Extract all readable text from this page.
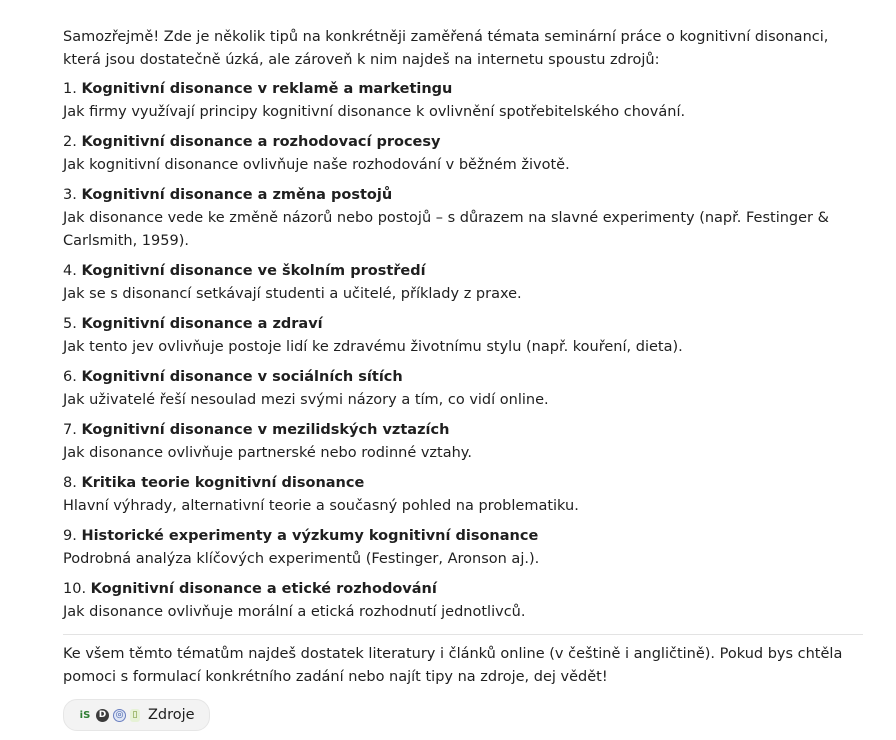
Samozřejmě! Zde je několik tipů na konkrétněji zaměřená témata seminární práce o kognitivní disonanci, která jsou dostatečně úzká, ale zároveň k nim najdeš na internetu spoustu zdrojů:

1. Kognitivní disonance v reklamě a marketingu
Jak firmy využívají principy kognitivní disonance k ovlivnění spotřebitelského chování.
2. Kognitivní disonance a rozhodovací procesy
Jak kognitivní disonance ovlivňuje naše rozhodování v běžném životě.
3. Kognitivní disonance a změna postojů
Jak disonance vede ke změně názorů nebo postojů – s důrazem na slavné experimenty (např. Festinger & Carlsmith, 1959).
4. Kognitivní disonance ve školním prostředí
Jak se s disonancí setkávají studenti a učitelé, příklady z praxe.
5. Kognitivní disonance a zdraví
Jak tento jev ovlivňuje postoje lidí ke zdravému životnímu stylu (např. kouření, dieta).
6. Kognitivní disonance v sociálních sítích
Jak uživatelé řeší nesoulad mezi svými názory a tím, co vidí online.
7. Kognitivní disonance v mezilidských vztazích
Jak disonance ovlivňuje partnerské nebo rodinné vztahy.
8. Kritika teorie kognitivní disonance
Hlavní výhrady, alternativní teorie a současný pohled na problematiku.
9. Historické experimenty a výzkumy kognitivní disonance
Podrobná analýza klíčových experimentů (Festinger, Aronson aj.).
10. Kognitivní disonance a etické rozhodování
Jak disonance ovlivňuje morální a etická rozhodnutí jednotlivců.

Ke všem těmto tématům najdeš dostatek literatury i článků online (v češtině i angličtině). Pokud bys chtěla pomoci s formulací konkrétního zadání nebo najít tipy na zdroje, dej vědět!

iS D	◎ ▯ Zdroje
